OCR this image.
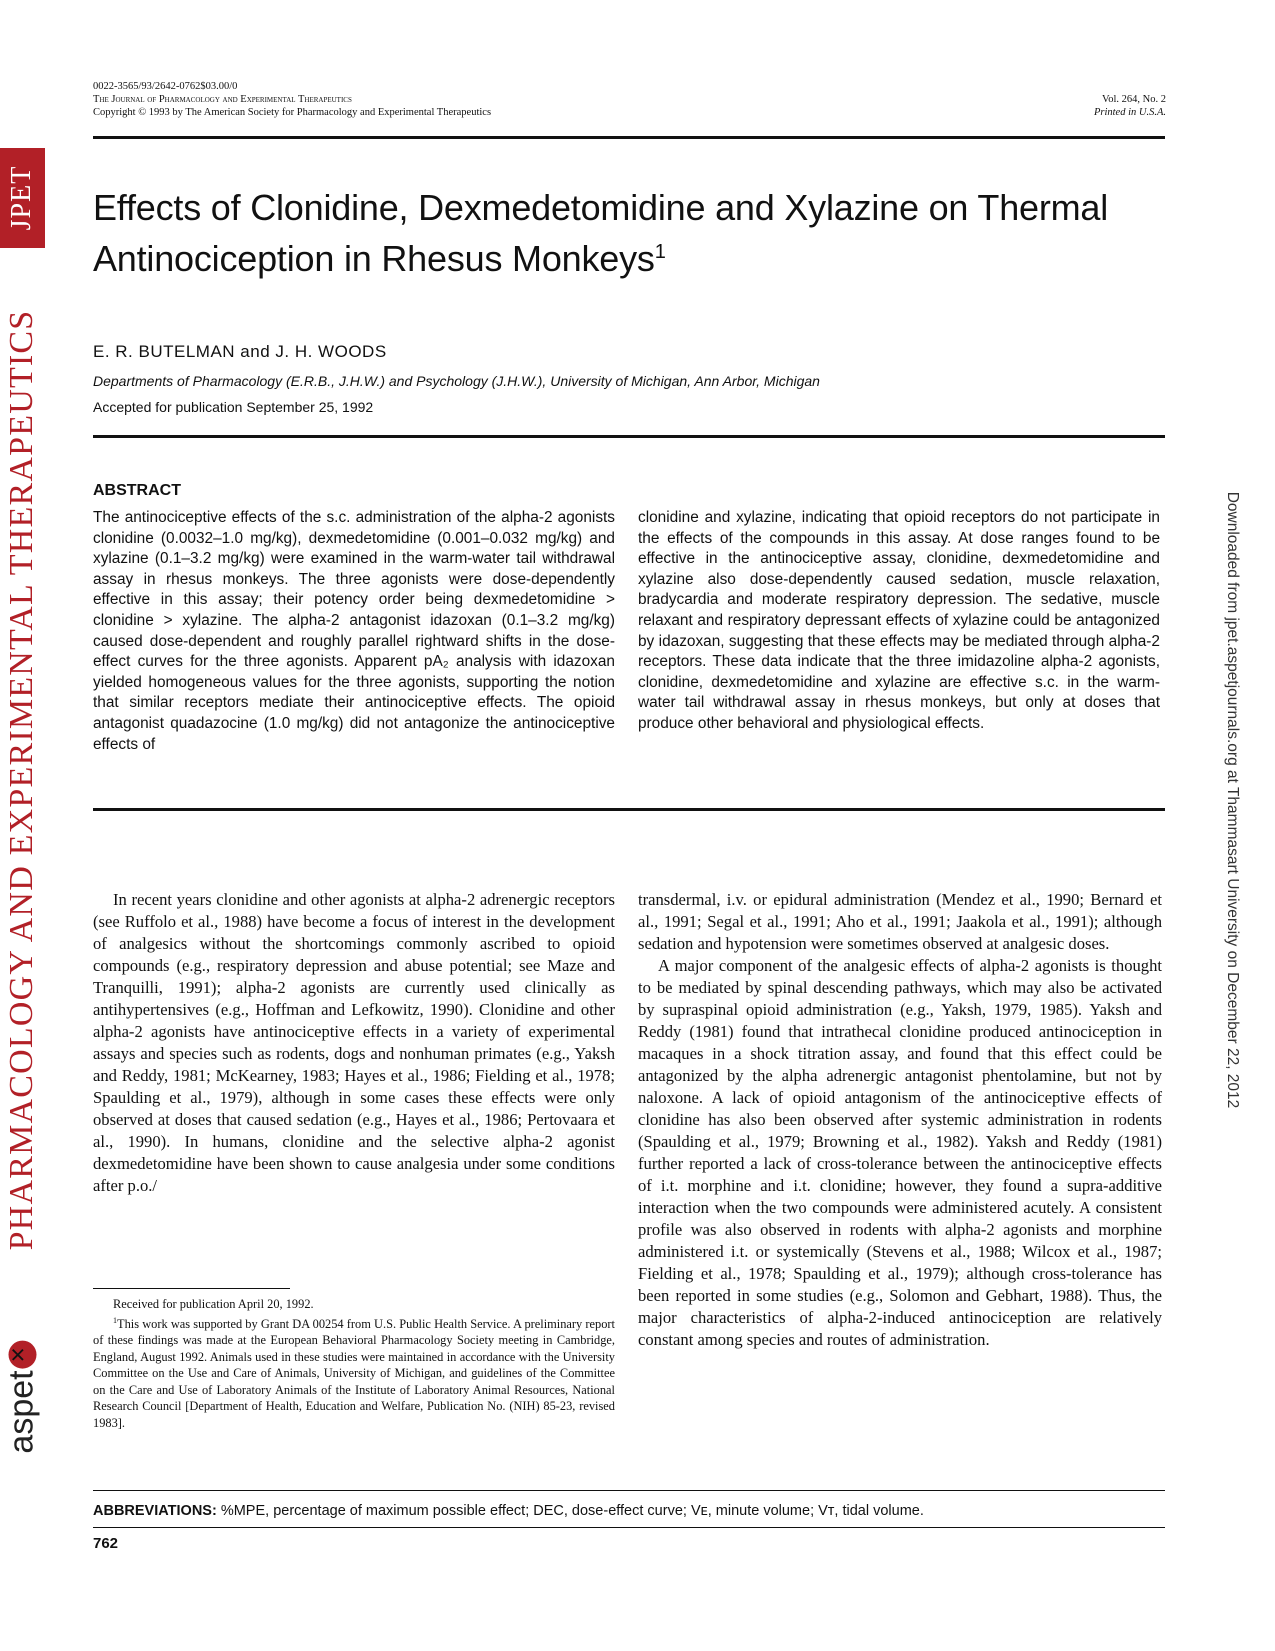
0022-3565/93/2642-0762$03.00/0
The Journal of Pharmacology and Experimental Therapeutics
Copyright © 1993 by The American Society for Pharmacology and Experimental Therapeutics
Vol. 264, No. 2
Printed in U.S.A.
Effects of Clonidine, Dexmedetomidine and Xylazine on Thermal Antinociception in Rhesus Monkeys$^1$
E. R. BUTELMAN and J. H. WOODS
Departments of Pharmacology (E.R.B., J.H.W.) and Psychology (J.H.W.), University of Michigan, Ann Arbor, Michigan
Accepted for publication September 25, 1992
ABSTRACT
The antinociceptive effects of the s.c. administration of the alpha-2 agonists clonidine (0.0032–1.0 mg/kg), dexmedetomidine (0.001–0.032 mg/kg) and xylazine (0.1–3.2 mg/kg) were examined in the warm-water tail withdrawal assay in rhesus monkeys. The three agonists were dose-dependently effective in this assay; their potency order being dexmedetomidine > clonidine > xylazine. The alpha-2 antagonist idazoxan (0.1–3.2 mg/kg) caused dose-dependent and roughly parallel rightward shifts in the dose-effect curves for the three agonists. Apparent pA₂ analysis with idazoxan yielded homogeneous values for the three agonists, supporting the notion that similar receptors mediate their antinociceptive effects. The opioid antagonist quadazocine (1.0 mg/kg) did not antagonize the antinociceptive effects of
clonidine and xylazine, indicating that opioid receptors do not participate in the effects of the compounds in this assay. At dose ranges found to be effective in the antinociceptive assay, clonidine, dexmedetomidine and xylazine also dose-dependently caused sedation, muscle relaxation, bradycardia and moderate respiratory depression. The sedative, muscle relaxant and respiratory depressant effects of xylazine could be antagonized by idazoxan, suggesting that these effects may be mediated through alpha-2 receptors. These data indicate that the three imidazoline alpha-2 agonists, clonidine, dexmedetomidine and xylazine are effective s.c. in the warm-water tail withdrawal assay in rhesus monkeys, but only at doses that produce other behavioral and physiological effects.

In recent years clonidine and other agonists at alpha-2 adrenergic receptors (see Ruffolo et al., 1988) have become a focus of interest in the development of analgesics without the shortcomings commonly ascribed to opioid compounds (e.g., respiratory depression and abuse potential; see Maze and Tranquilli, 1991); alpha-2 agonists are currently used clinically as antihypertensives (e.g., Hoffman and Lefkowitz, 1990). Clonidine and other alpha-2 agonists have antinociceptive effects in a variety of experimental assays and species such as rodents, dogs and nonhuman primates (e.g., Yaksh and Reddy, 1981; McKearney, 1983; Hayes et al., 1986; Fielding et al., 1978; Spaulding et al., 1979), although in some cases these effects were only observed at doses that caused sedation (e.g., Hayes et al., 1986; Pertovaara et al., 1990). In humans, clonidine and the selective alpha-2 agonist dexmedetomidine have been shown to cause analgesia under some conditions after p.o./

transdermal, i.v. or epidural administration (Mendez et al., 1990; Bernard et al., 1991; Segal et al., 1991; Aho et al., 1991; Jaakola et al., 1991); although sedation and hypotension were sometimes observed at analgesic doses.

A major component of the analgesic effects of alpha-2 agonists is thought to be mediated by spinal descending pathways, which may also be activated by supraspinal opioid administration (e.g., Yaksh, 1979, 1985). Yaksh and Reddy (1981) found that intrathecal clonidine produced antinociception in macaques in a shock titration assay, and found that this effect could be antagonized by the alpha adrenergic antagonist phentolamine, but not by naloxone. A lack of opioid antagonism of the antinociceptive effects of clonidine has also been observed after systemic administration in rodents (Spaulding et al., 1979; Browning et al., 1982). Yaksh and Reddy (1981) further reported a lack of cross-tolerance between the antinociceptive effects of i.t. morphine and i.t. clonidine; however, they found a supra-additive interaction when the two compounds were administered acutely. A consistent profile was also observed in rodents with alpha-2 agonists and morphine administered i.t. or systemically (Stevens et al., 1988; Wilcox et al., 1987; Fielding et al., 1978; Spaulding et al., 1979); although cross-tolerance has been reported in some studies (e.g., Solomon and Gebhart, 1988). Thus, the major characteristics of alpha-2-induced antinociception are relatively constant among species and routes of administration.

Received for publication April 20, 1992.

$^1$This work was supported by Grant DA 00254 from U.S. Public Health Service. A preliminary report of these findings was made at the European Behavioral Pharmacology Society meeting in Cambridge, England, August 1992. Animals used in these studies were maintained in accordance with the University Committee on the Use and Care of Animals, University of Michigan, and guidelines of the Committee on the Care and Use of Laboratory Animals of the Institute of Laboratory Animal Resources, National Research Council [Department of Health, Education and Welfare, Publication No. (NIH) 85-23, revised 1983].

ABBREVIATIONS: %MPE, percentage of maximum possible effect; DEC, dose-effect curve; Vᴇ, minute volume; Vᴛ, tidal volume.
762
JPET
PHARMACOLOGY AND EXPERIMENTAL THERAPEUTICS
aspet
×
Downloaded from jpet.aspetjournals.org at Thammasart University on December 22, 2012
